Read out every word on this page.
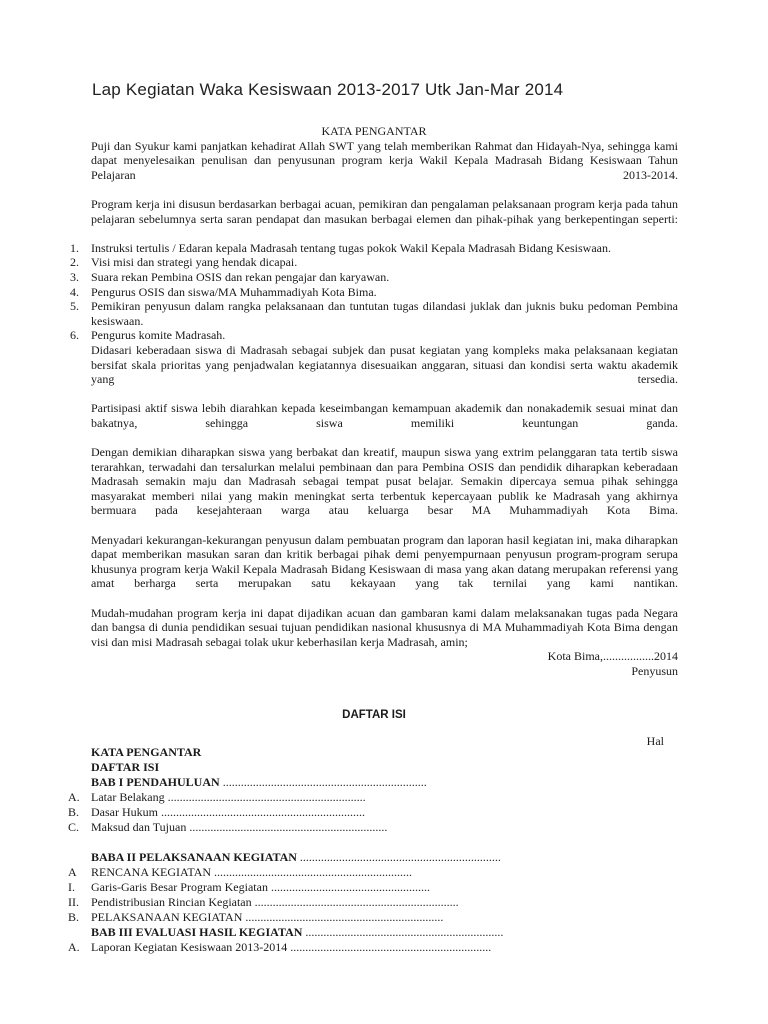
Lap Kegiatan Waka Kesiswaan 2013-2017 Utk Jan-Mar 2014
KATA PENGANTAR

Puji dan Syukur kami panjatkan kehadirat Allah SWT yang telah memberikan Rahmat dan Hidayah-Nya, sehingga kami dapat menyelesaikan penulisan dan penyusunan program kerja Wakil Kepala Madrasah Bidang Kesiswaan Tahun Pelajaran 2013-2014.

Program kerja ini disusun berdasarkan berbagai acuan, pemikiran dan pengalaman pelaksanaan program kerja pada tahun pelajaran sebelumnya serta saran pendapat dan masukan berbagai elemen dan pihak-pihak yang berkepentingan seperti:

1. Instruksi tertulis / Edaran kepala Madrasah tentang tugas pokok Wakil Kepala Madrasah Bidang Kesiswaan.
2. Visi misi dan strategi yang hendak dicapai.
3. Suara rekan Pembina OSIS dan rekan pengajar dan karyawan.
4. Pengurus OSIS dan siswa/MA Muhammadiyah Kota Bima.
5. Pemikiran penyusun dalam rangka pelaksanaan dan tuntutan tugas dilandasi juklak dan juknis buku pedoman Pembina kesiswaan.
6. Pengurus komite Madrasah.

Didasari keberadaan siswa di Madrasah sebagai subjek dan pusat kegiatan yang kompleks maka pelaksanaan kegiatan bersifat skala prioritas yang penjadwalan kegiatannya disesuaikan anggaran, situasi dan kondisi serta waktu akademik yang tersedia.

Partisipasi aktif siswa lebih diarahkan kepada keseimbangan kemampuan akademik dan nonakademik sesuai minat dan bakatnya, sehingga siswa memiliki keuntungan ganda.

Dengan demikian diharapkan siswa yang berbakat dan kreatif, maupun siswa yang extrim pelanggaran tata tertib siswa terarahkan, terwadahi dan tersalurkan melalui pembinaan dan para Pembina OSIS dan pendidik diharapkan keberadaan Madrasah semakin maju dan Madrasah sebagai tempat pusat belajar. Semakin dipercaya semua pihak sehingga masyarakat memberi nilai yang makin meningkat serta terbentuk kepercayaan publik ke Madrasah yang akhirnya bermuara pada kesejahteraan warga atau keluarga besar MA Muhammadiyah Kota Bima.

Menyadari kekurangan-kekurangan penyusun dalam pembuatan program dan laporan hasil kegiatan ini, maka diharapkan dapat memberikan masukan saran dan kritik berbagai pihak demi penyempurnaan penyusun program-program serupa khusunya program kerja Wakil Kepala Madrasah Bidang Kesiswaan di masa yang akan datang merupakan referensi yang amat berharga serta merupakan satu kekayaan yang tak ternilai yang kami nantikan.

Mudah-mudahan program kerja ini dapat dijadikan acuan dan gambaran kami dalam melaksanakan tugas pada Negara dan bangsa di dunia pendidikan sesuai tujuan pendidikan nasional khususnya di MA Muhammadiyah Kota Bima dengan visi dan misi Madrasah sebagai tolak ukur keberhasilan kerja Madrasah, amin;

Kota Bima,.................2014
Penyusun
DAFTAR ISI
Hal
KATA PENGANTAR
DAFTAR ISI
BAB I PENDAHULUAN ....................................................................
A. Latar Belakang ..................................................................
B. Dasar Hukum ....................................................................
C. Maksud dan Tujuan ..................................................................
BABA II PELAKSANAAN KEGIATAN ...................................................................
A RENCANA KEGIATAN ..................................................................
I. Garis-Garis Besar Program Kegiatan .....................................................
II. Pendistribusian Rincian Kegiatan ....................................................................
B. PELAKSANAAN KEGIATAN ..................................................................
BAB III EVALUASI HASIL KEGIATAN ..................................................................
A. Laporan Kegiatan Kesiswaan 2013-2014 ...................................................................
